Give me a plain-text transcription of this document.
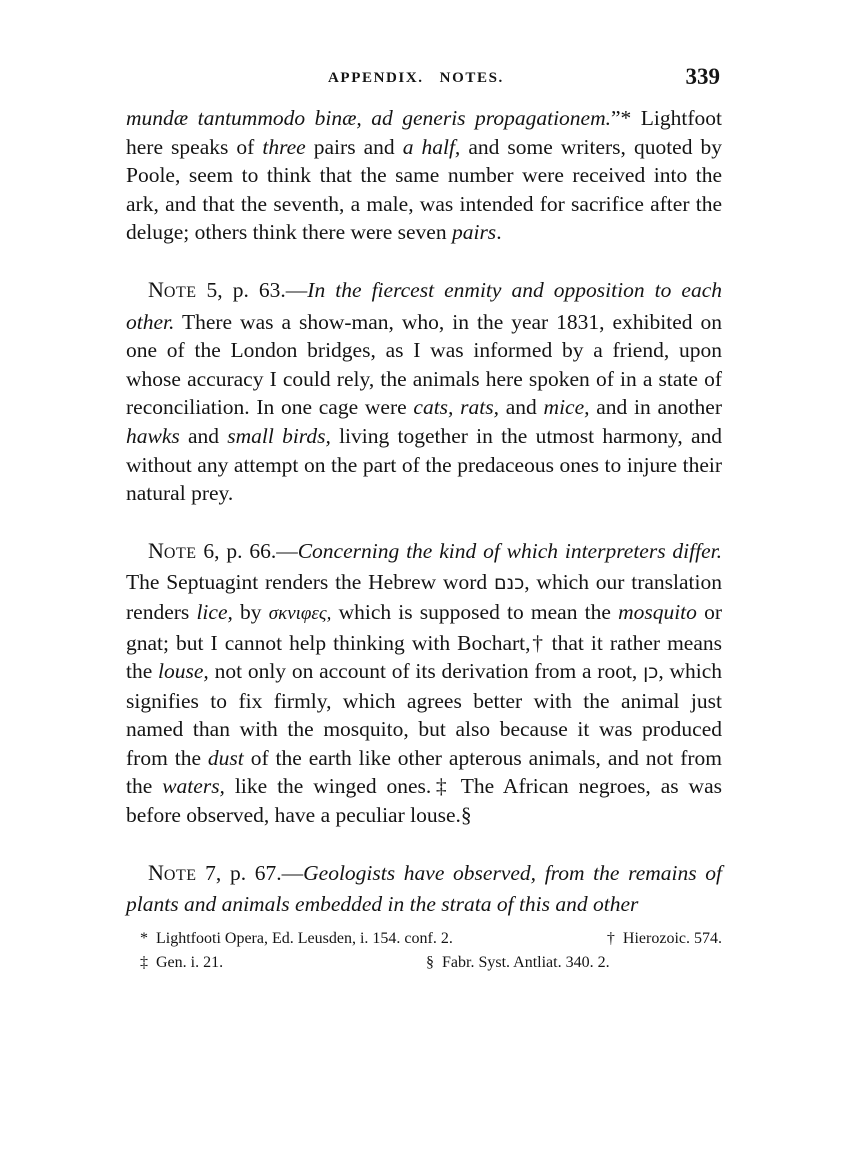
APPENDIX. NOTES.	339

mundæ tantummodo binæ, ad generis propagationem.”* Lightfoot here speaks of three pairs and a half, and some writers, quoted by Poole, seem to think that the same number were received into the ark, and that the seventh, a male, was intended for sacrifice after the deluge; others think there were seven pairs.

NOTE 5, p. 63.—In the fiercest enmity and opposition to each other. There was a show-man, who, in the year 1831, exhibited on one of the London bridges, as I was informed by a friend, upon whose accuracy I could rely, the animals here spoken of in a state of reconciliation. In one cage were cats, rats, and mice, and in another hawks and small birds, living together in the utmost harmony, and without any attempt on the part of the predaceous ones to injure their natural prey.

NOTE 6, p. 66.—Concerning the kind of which interpreters differ. The Septuagint renders the Hebrew word כנם, which our translation renders lice, by σκνιφες, which is supposed to mean the mosquito or gnat; but I cannot help thinking with Bochart,† that it rather means the louse, not only on account of its derivation from a root, כן, which signifies to fix firmly, which agrees better with the animal just named than with the mosquito, but also because it was produced from the dust of the earth like other apterous animals, and not from the waters, like the winged ones.‡ The African negroes, as was before observed, have a peculiar louse.§

NOTE 7, p. 67.—Geologists have observed, from the remains of plants and animals embedded in the strata of this and other

* Lightfooti Opera, Ed. Leusden, i. 154. conf. 2.	† Hierozoic. 574.
‡ Gen. i. 21.	§ Fabr. Syst. Antliat. 340. 2.
